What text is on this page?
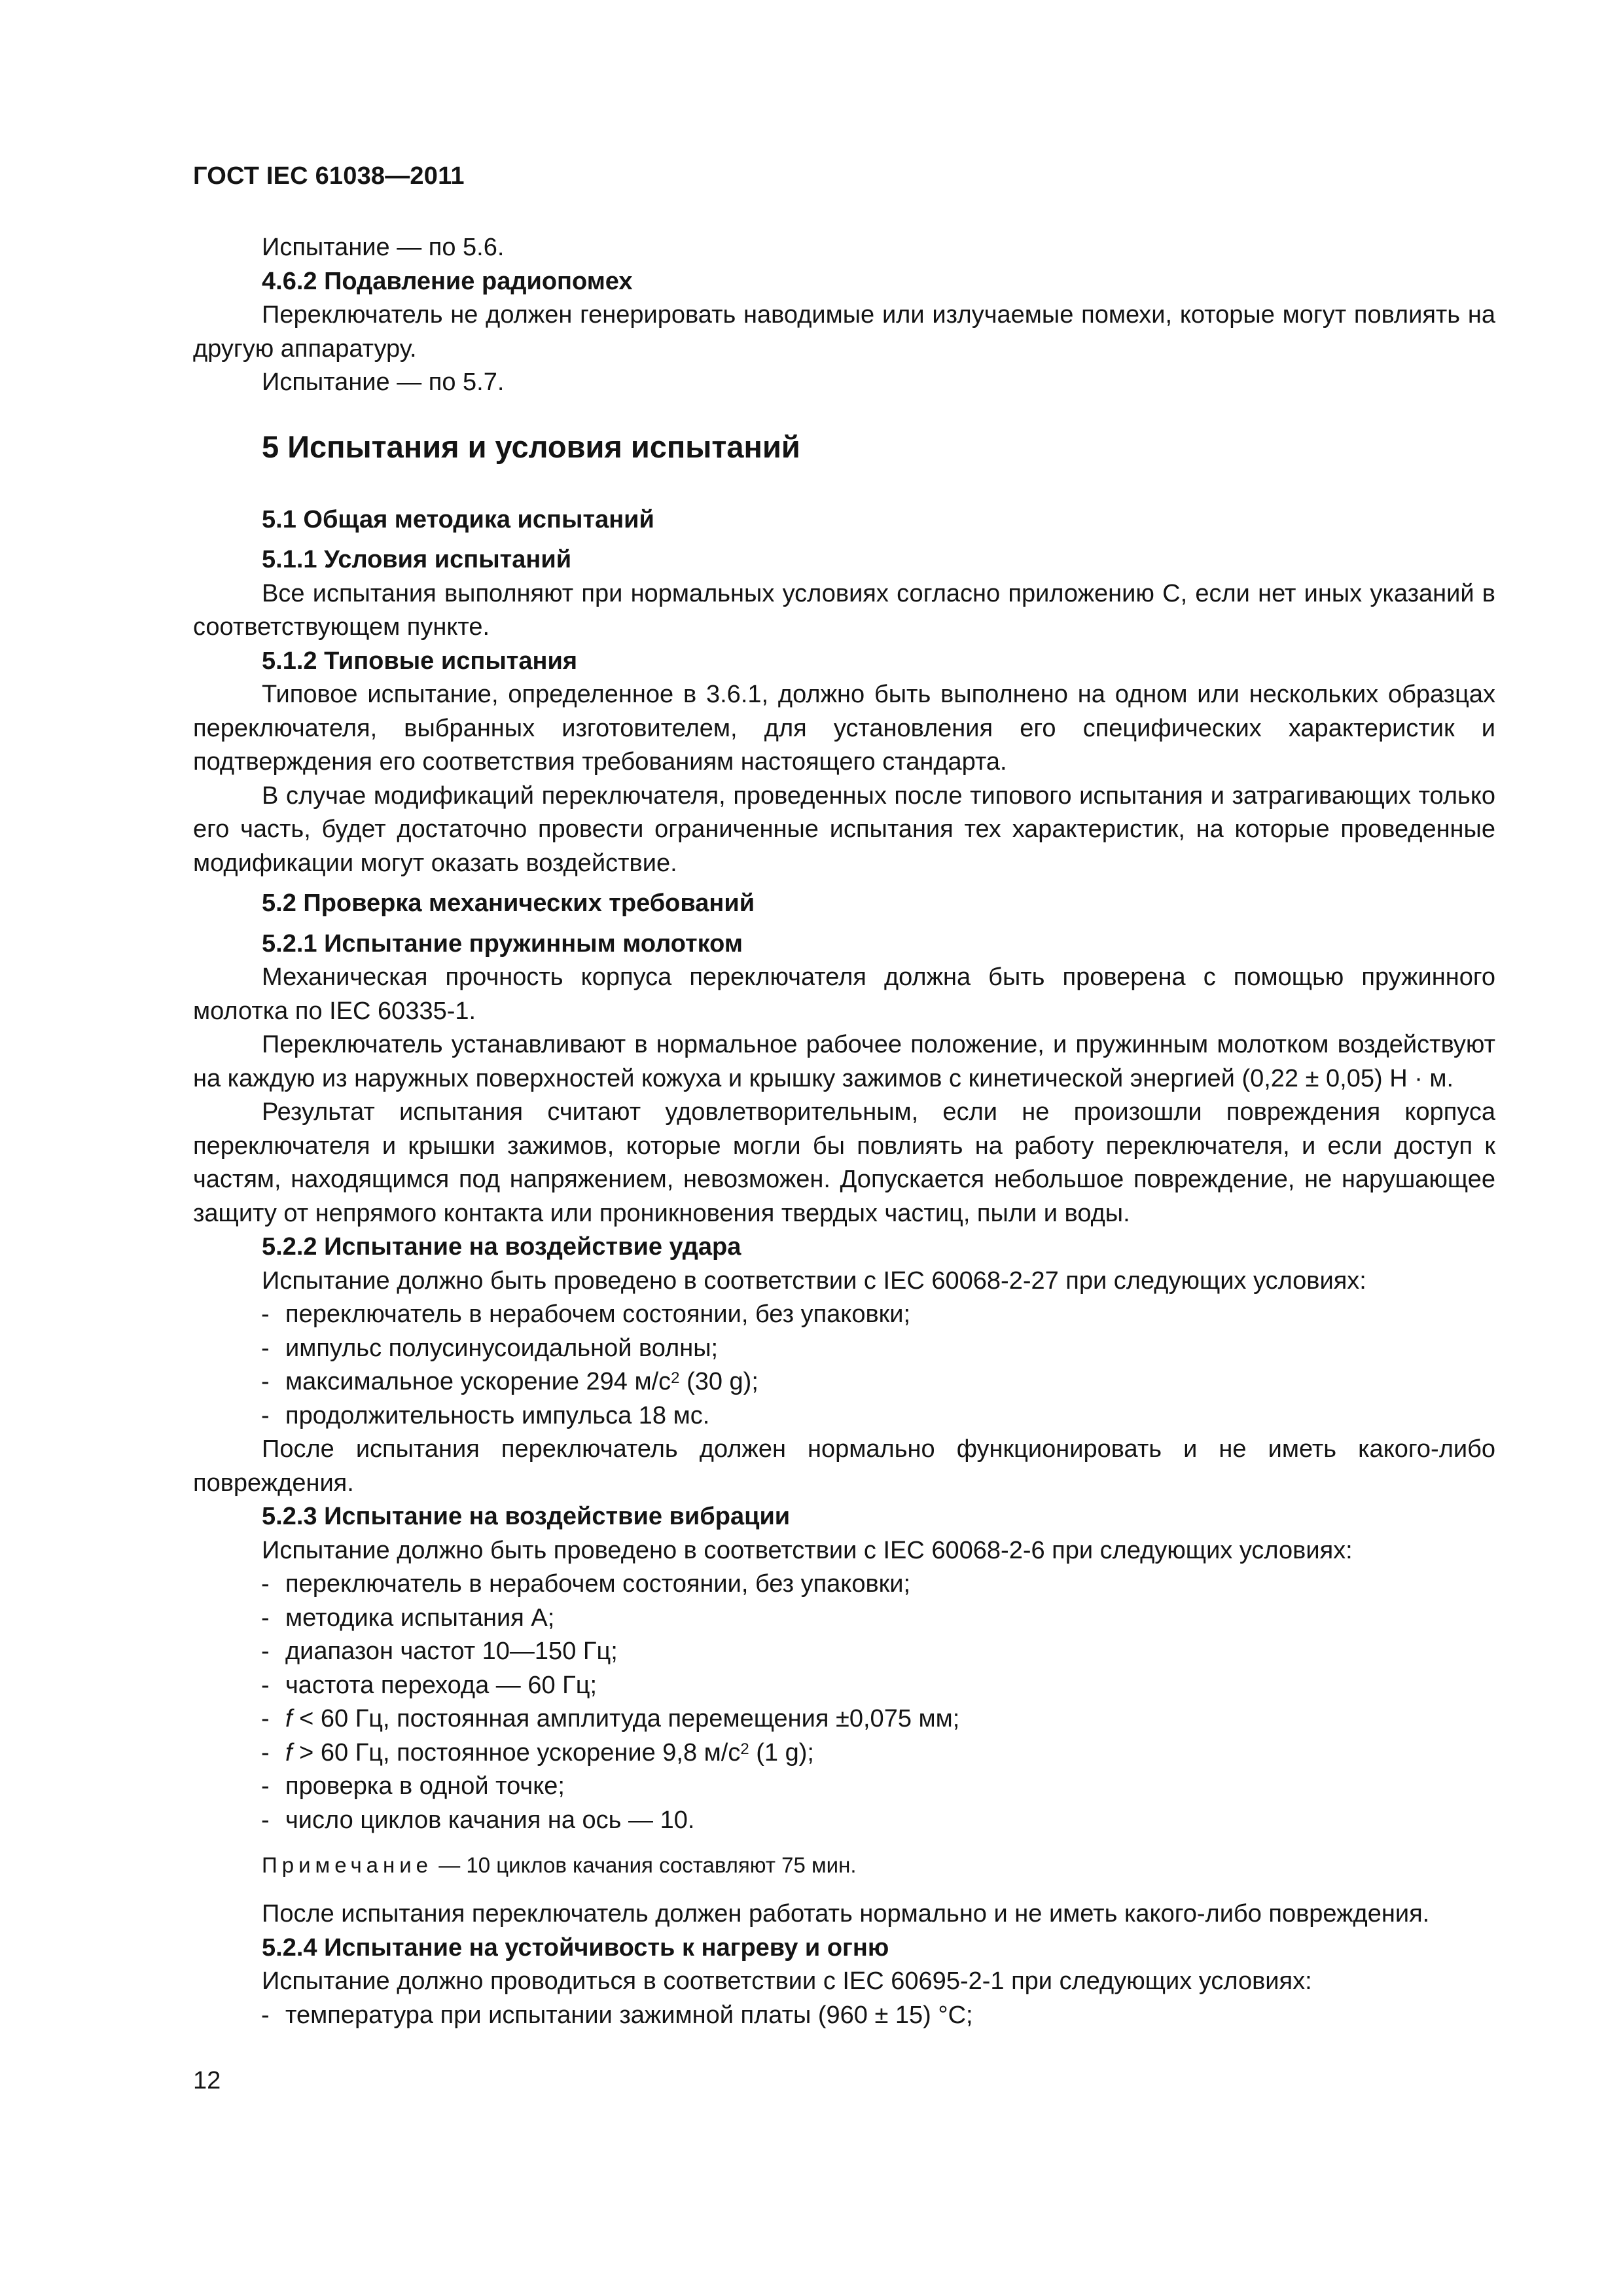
ГОСТ IEC 61038—2011
Испытание — по 5.6.
4.6.2 Подавление радиопомех
Переключатель не должен генерировать наводимые или излучаемые помехи, которые могут повлиять на другую аппаратуру.
Испытание — по 5.7.
5 Испытания и условия испытаний
5.1 Общая методика испытаний
5.1.1 Условия испытаний
Все испытания выполняют при нормальных условиях согласно приложению С, если нет иных указаний в соответствующем пункте.
5.1.2 Типовые испытания
Типовое испытание, определенное в 3.6.1, должно быть выполнено на одном или нескольких образцах переключателя, выбранных изготовителем, для установления его специфических характеристик и подтверждения его соответствия требованиям настоящего стандарта.
В случае модификаций переключателя, проведенных после типового испытания и затрагивающих только его часть, будет достаточно провести ограниченные испытания тех характеристик, на которые проведенные модификации могут оказать воздействие.
5.2 Проверка механических требований
5.2.1 Испытание пружинным молотком
Механическая прочность корпуса переключателя должна быть проверена с помощью пружинного молотка по IEC 60335-1.
Переключатель устанавливают в нормальное рабочее положение, и пружинным молотком воздействуют на каждую из наружных поверхностей кожуха и крышку зажимов с кинетической энергией (0,22 ± 0,05) Н · м.
Результат испытания считают удовлетворительным, если не произошли повреждения корпуса переключателя и крышки зажимов, которые могли бы повлиять на работу переключателя, и если доступ к частям, находящимся под напряжением, невозможен. Допускается небольшое повреждение, не нарушающее защиту от непрямого контакта или проникновения твердых частиц, пыли и воды.
5.2.2 Испытание на воздействие удара
Испытание должно быть проведено в соответствии с IEC 60068-2-27 при следующих условиях:
- переключатель в нерабочем состоянии, без упаковки;
- импульс полусинусоидальной волны;
- максимальное ускорение 294 $м/с^2$ (30 g);
- продолжительность импульса 18 мс.
После испытания переключатель должен нормально функционировать и не иметь какого-либо повреждения.
5.2.3 Испытание на воздействие вибрации
Испытание должно быть проведено в соответствии с IEC 60068-2-6 при следующих условиях:
- переключатель в нерабочем состоянии, без упаковки;
- методика испытания А;
- диапазон частот 10—150 Гц;
- частота перехода — 60 Гц;
- f < 60 Гц, постоянная амплитуда перемещения ±0,075 мм;
- f > 60 Гц, постоянное ускорение 9,8 $м/с^2$ (1 g);
- проверка в одной точке;
- число циклов качания на ось — 10.
Примечание — 10 циклов качания составляют 75 мин.
После испытания переключатель должен работать нормально и не иметь какого-либо повреждения.
5.2.4 Испытание на устойчивость к нагреву и огню
Испытание должно проводиться в соответствии с IEC 60695-2-1 при следующих условиях:
- температура при испытании зажимной платы (960 ± 15) °С;
12
